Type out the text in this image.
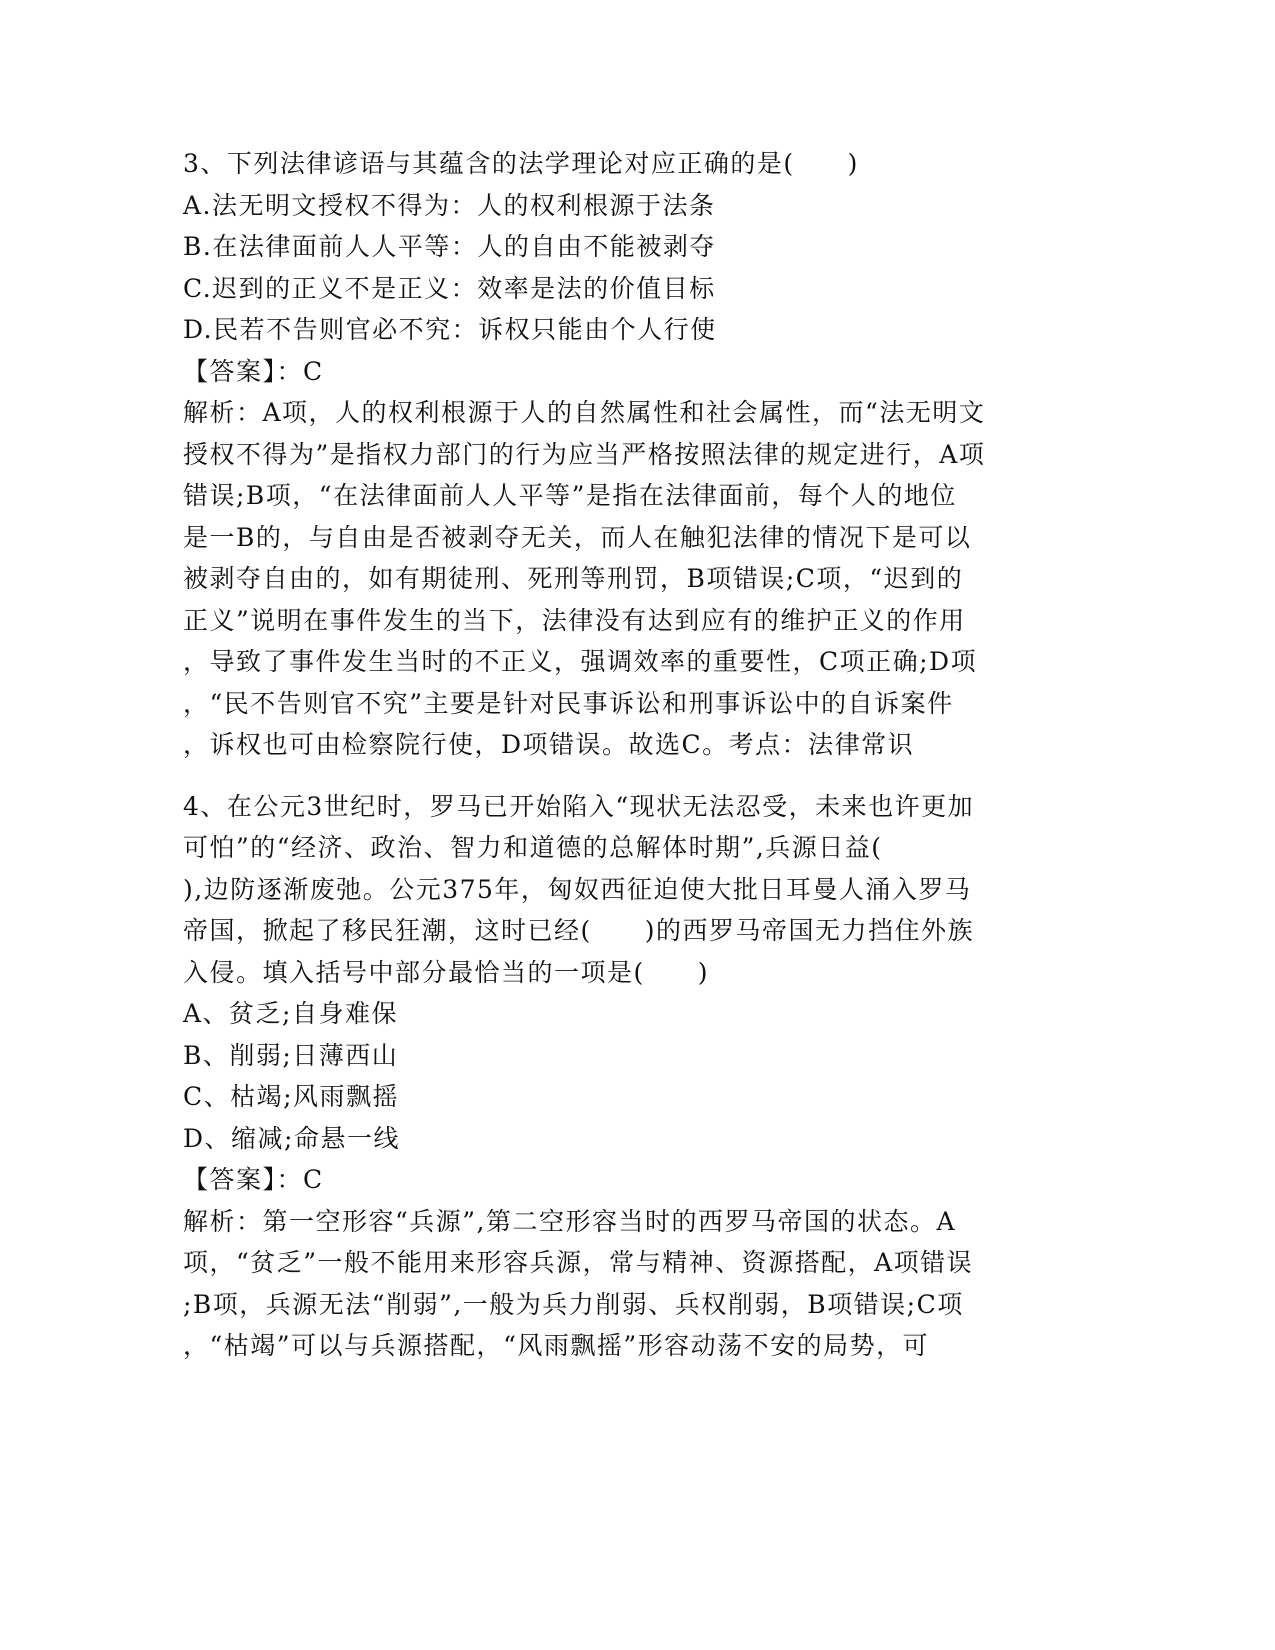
3、下列法律谚语与其蕴含的法学理论对应正确的是(　　)
A.法无明文授权不得为：人的权利根源于法条
B.在法律面前人人平等：人的自由不能被剥夺
C.迟到的正义不是正义：效率是法的价值目标
D.民若不告则官必不究：诉权只能由个人行使
【答案】：C
解析：A项，人的权利根源于人的自然属性和社会属性，而“法无明文
授权不得为”是指权力部门的行为应当严格按照法律的规定进行，A项
错误;B项，“在法律面前人人平等”是指在法律面前，每个人的地位
是一B的，与自由是否被剥夺无关，而人在触犯法律的情况下是可以
被剥夺自由的，如有期徒刑、死刑等刑罚，B项错误;C项，“迟到的
正义”说明在事件发生的当下，法律没有达到应有的维护正义的作用
，导致了事件发生当时的不正义，强调效率的重要性，C项正确;D项
，“民不告则官不究”主要是针对民事诉讼和刑事诉讼中的自诉案件
，诉权也可由检察院行使，D项错误。故选C。考点：法律常识
4、在公元3世纪时，罗马已开始陷入“现状无法忍受，未来也许更加
可怕”的“经济、政治、智力和道德的总解体时期”,兵源日益(
),边防逐渐废弛。公元375年，匈奴西征迫使大批日耳曼人涌入罗马
帝国，掀起了移民狂潮，这时已经(　　)的西罗马帝国无力挡住外族
入侵。填入括号中部分最恰当的一项是(　　)
A、贫乏;自身难保
B、削弱;日薄西山
C、枯竭;风雨飘摇
D、缩减;命悬一线
【答案】：C
解析：第一空形容“兵源”,第二空形容当时的西罗马帝国的状态。A
项，“贫乏”一般不能用来形容兵源，常与精神、资源搭配，A项错误
;B项，兵源无法“削弱”,一般为兵力削弱、兵权削弱，B项错误;C项
，“枯竭”可以与兵源搭配，“风雨飘摇”形容动荡不安的局势，可
